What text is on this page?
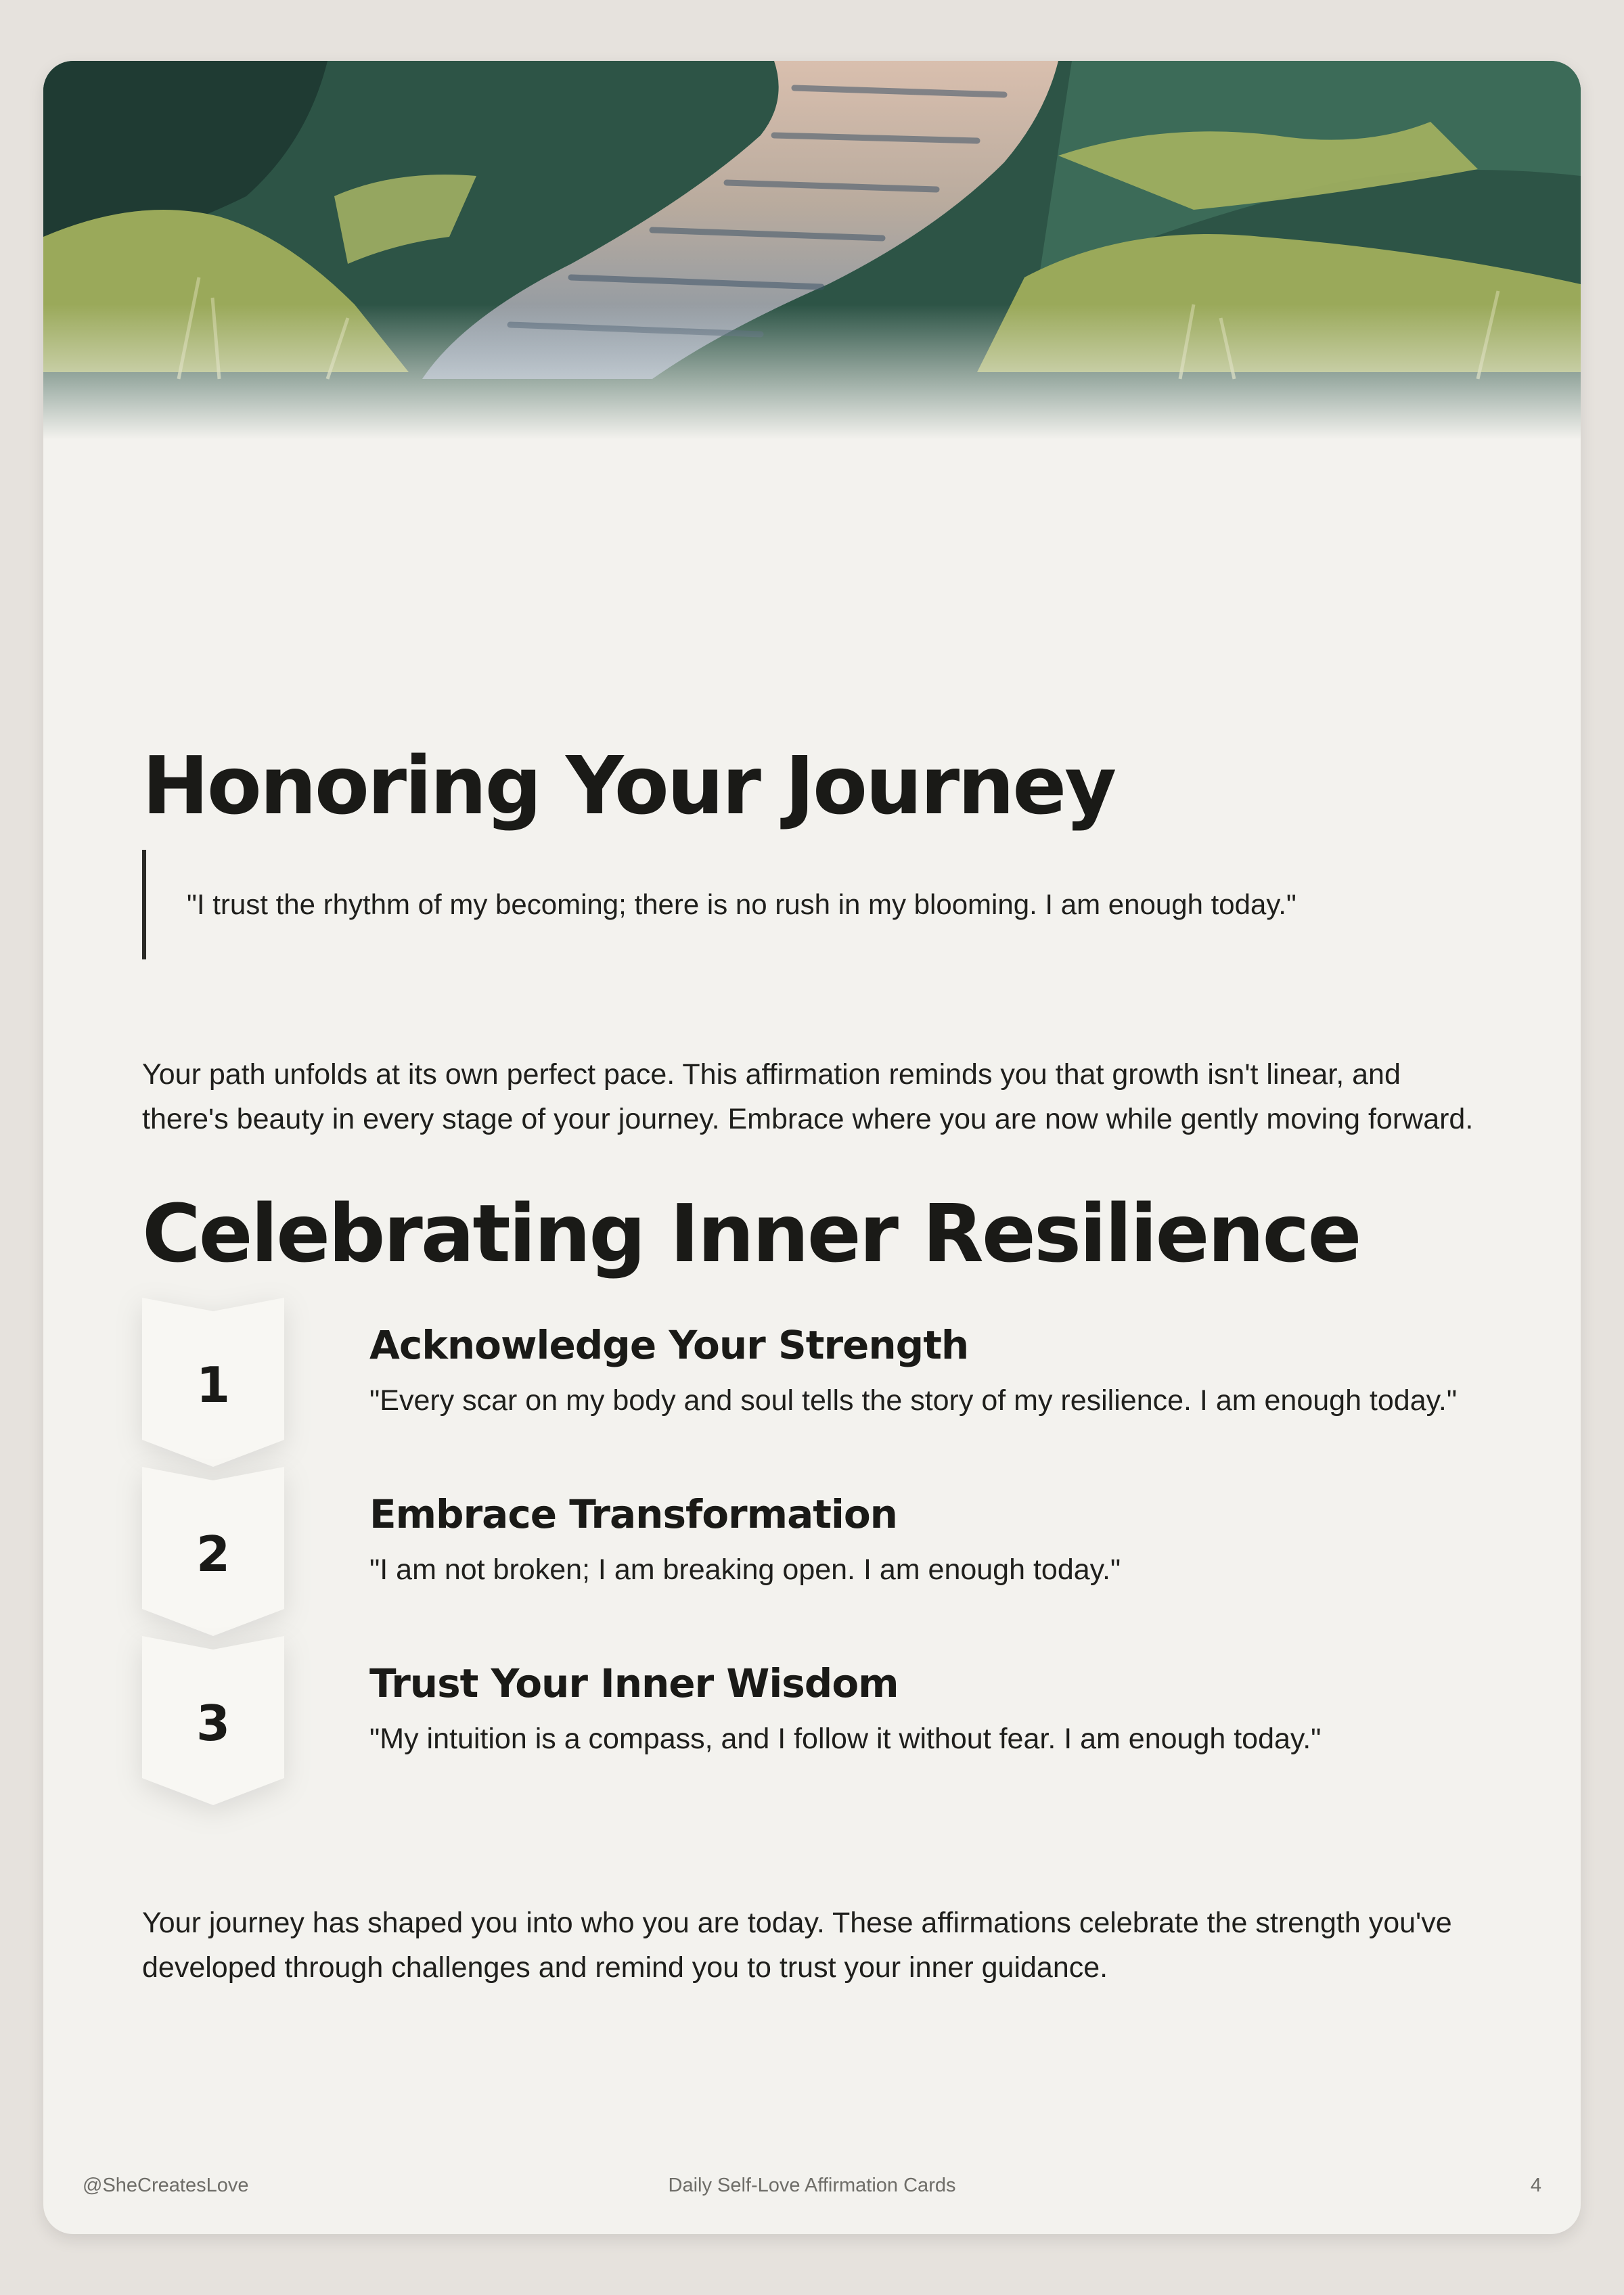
Honoring Your Journey
"I trust the rhythm of my becoming; there is no rush in my blooming. I am enough today."
Your path unfolds at its own perfect pace. This affirmation reminds you that growth isn't linear, and there's beauty in every stage of your journey. Embrace where you are now while gently moving forward.
Celebrating Inner Resilience
1
Acknowledge Your Strength
"Every scar on my body and soul tells the story of my resilience. I am enough today."
2
Embrace Transformation
"I am not broken; I am breaking open. I am enough today."
3
Trust Your Inner Wisdom
"My intuition is a compass, and I follow it without fear. I am enough today."
Your journey has shaped you into who you are today. These affirmations celebrate the strength you've developed through challenges and remind you to trust your inner guidance.
@SheCreatesLove	Daily Self-Love Affirmation Cards	4
